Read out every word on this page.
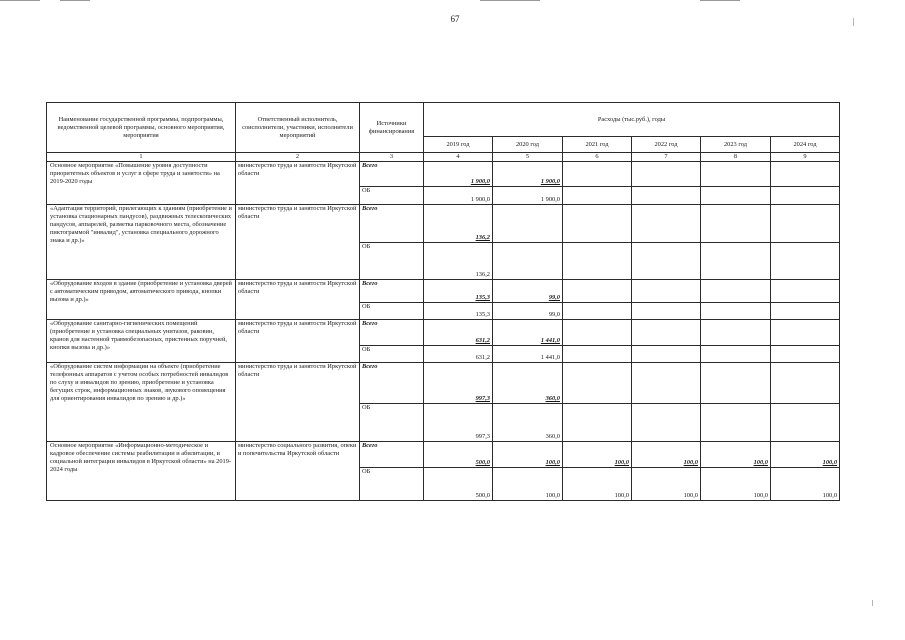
67
Наименование государственной программы, подпрограммы, ведомственной целевой программы, основного мероприятия, мероприятия	Ответственный исполнитель, соисполнители, участники, исполнители мероприятий	Источники финансирования	Расходы (тыс.руб.), годы					
			2019 год	2020 год	2021 год	2022 год	2023 год	2024 год
1	2	3	4	5	6	7	8	9
Основное мероприятие «Повышение уровня доступности приоритетных объектов и услуг в сфере труда и занятости» на 2019-2020 годы	министерство труда и занятости Иркутской области	Всего	1 900,0	1 900,0				
		ОБ	1 900,0	1 900,0				
«Адаптация территорий, прилегающих к зданиям (приобретение и установка стационарных пандусов), раздвижных телескопических пандусов, аппарелей, разметка парковочного места, обозначение пиктограммой "инвалид", установка специального дорожного знака и др.)»	министерство труда и занятости Иркутской области	Всего	136,2					
		ОБ	136,2					
«Оборудование входов в здание (приобретение и установка дверей с автоматическим приводом, автоматического привода, кнопки вызова и др.)»	министерство труда и занятости Иркутской области	Всего	135,3	99,0				
		ОБ	135,3	99,0				
«Оборудование санитарно-гигиенических помещений (приобретение и установка специальных унитазов, раковин, кранов для настенной травмобезопасных, пристенных поручней, кнопки вызова и др.)»	министерство труда и занятости Иркутской области	Всего	631,2	1 441,0				
		ОБ	631,2	1 441,0				
«Оборудование систем информации на объекте (приобретение телефонных аппаратов с учетом особых потребностей инвалидов по слуху и инвалидов по зрению, приобретение и установка бегущих строк, информационных знаков, звукового оповещения для ориентирования инвалидов по зрению и др.)»	министерство труда и занятости Иркутской области	Всего	997,3	360,0				
		ОБ	997,3	360,0				
Основное мероприятие «Информационно-методическое и кадровое обеспечение системы реабилитации и абилитации, и социальной интеграции инвалидов в Иркутской области» на 2019-2024 годы	министерство социального развития, опеки и попечительства Иркутской области	Всего	500,0	100,0	100,0	100,0	100,0	100,0
		ОБ	500,0	100,0	100,0	100,0	100,0	100,0
